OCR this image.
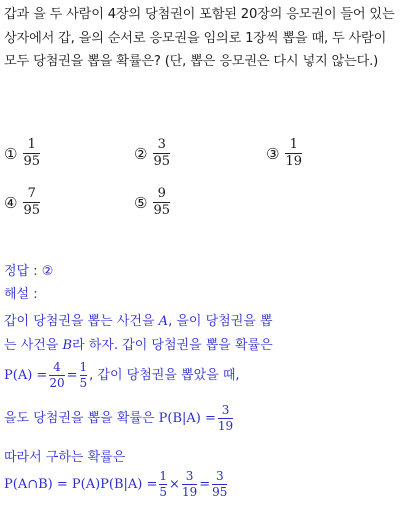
갑과 을 두 사람이 4장의 당첨권이 포함된 20장의 응모권이 들어 있는 상자에서 갑, 을의 순서로 응모권을 임의로 1장씩 뽑을 때, 두 사람이 모두 당첨권을 뽑을 확률은? (단, 뽑은 응모권은 다시 넣지 않는다.)
① $\frac{1}{95}$	② $\frac{3}{95}$	③ $\frac{1}{19}$
④ $\frac{7}{95}$	⑤ $\frac{9}{95}$
정답 : ②
해설 :
갑이 당첨권을 뽑는 사건을 A, 을이 당첨권을 뽑
는 사건을 B라 하자. 갑이 당첨권을 뽑을 확률은
$P(A) = \frac{4}{20} = \frac{1}{5}$ , 갑이 당첨권을 뽑았을 때,
을도 당첨권을 뽑을 확률은 $P(B|A) = \frac{3}{19}$
따라서 구하는 확률은
P(A∩B) = $P(A)P(B|A) = \frac{1}{5} \times \frac{3}{19} = \frac{3}{95}$
